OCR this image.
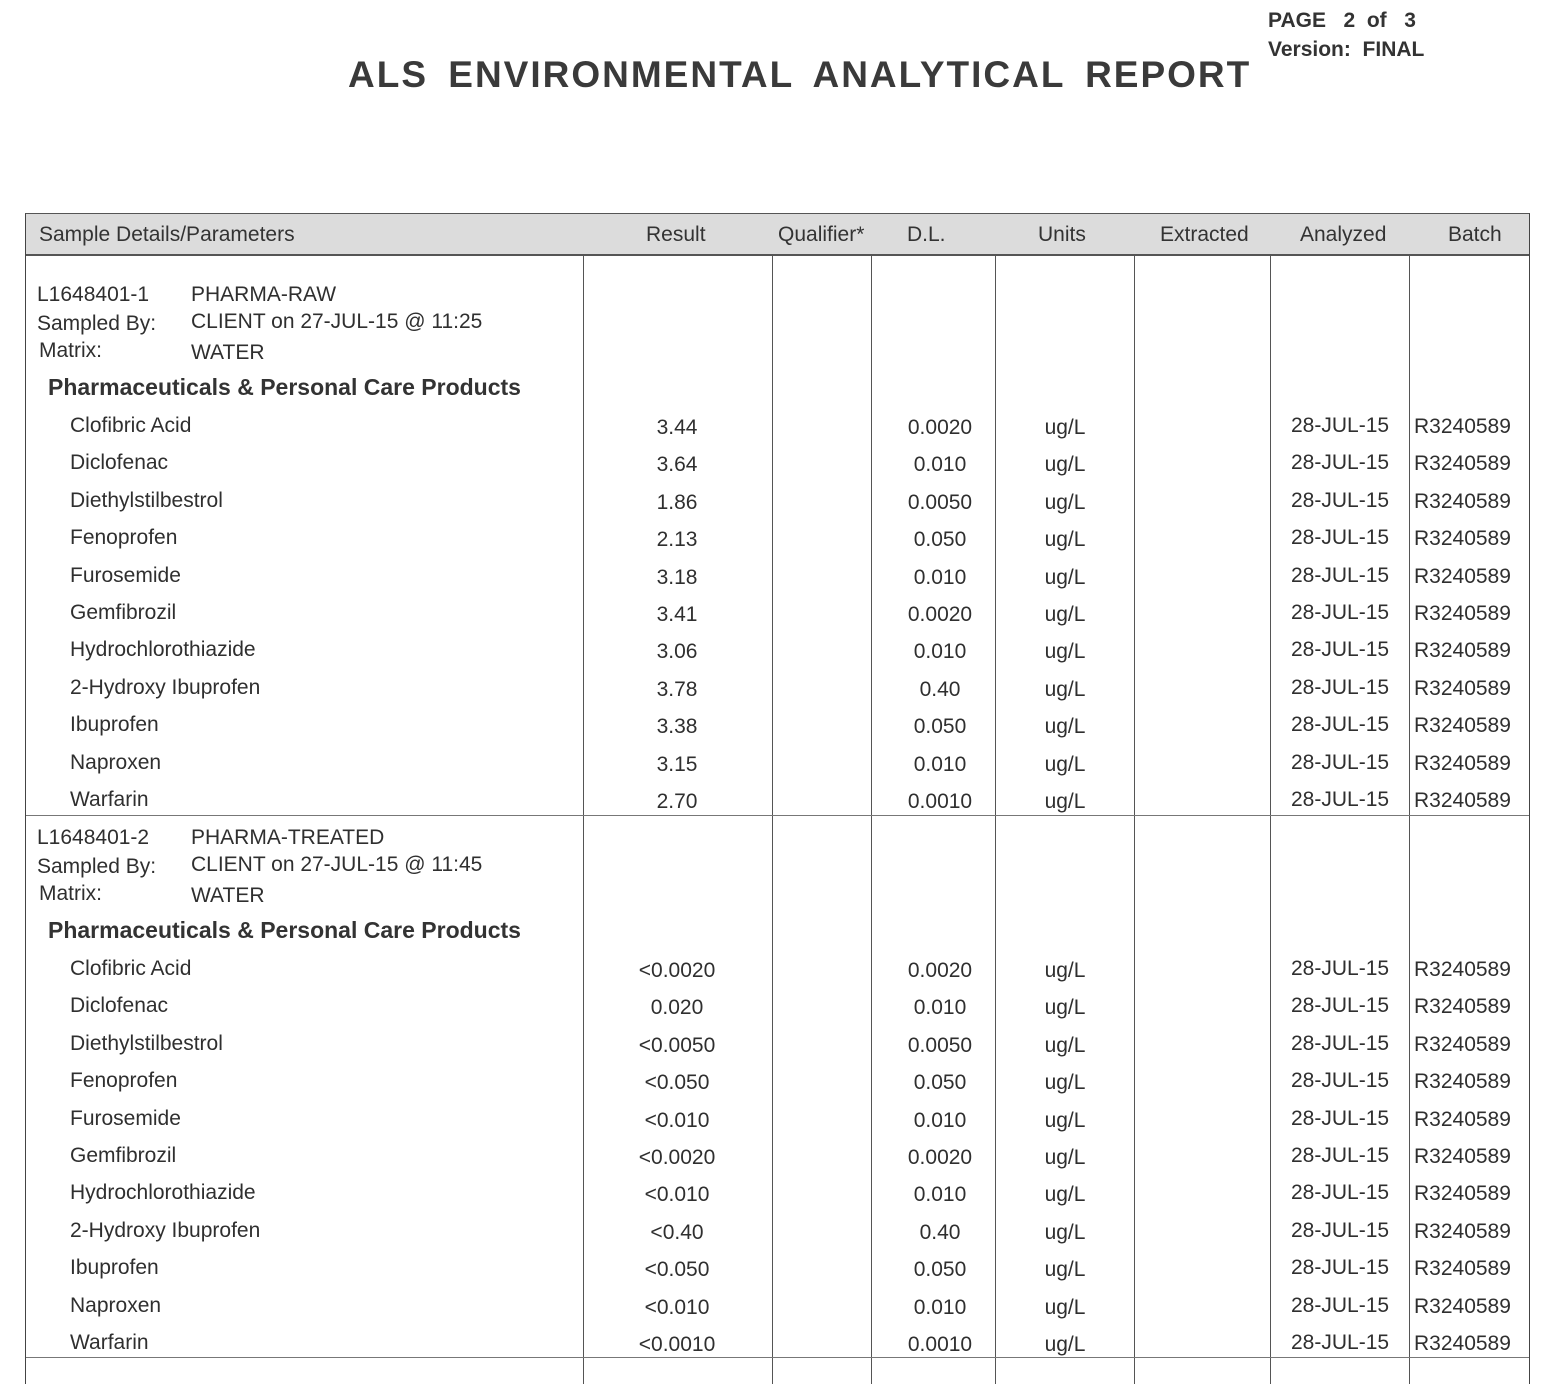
PAGE 2 of 3
Version: FINAL
ALS ENVIRONMENTAL ANALYTICAL REPORT
Sample Details/Parameters	Result	Qualifier* D.L.	Units	Extracted Analyzed	Batch
L1648401-1 PHARMA-RAW
Sampled By: CLIENT on 27-JUL-15 @ 11:25
Matrix:	WATER
Pharmaceuticals & Personal Care Products
Clofibric Acid	3.44	0.0020	ug/L	28-JUL-15 R3240589
Diclofenac	3.64	0.010	ug/L	28-JUL-15 R3240589
Diethylstilbestrol	1.86	0.0050	ug/L	28-JUL-15 R3240589
Fenoprofen	2.13	0.050	ug/L	28-JUL-15 R3240589
Furosemide	3.18	0.010	ug/L	28-JUL-15 R3240589
Gemfibrozil	3.41	0.0020	ug/L	28-JUL-15 R3240589
Hydrochlorothiazide	3.06	0.010	ug/L	28-JUL-15 R3240589
2-Hydroxy Ibuprofen	3.78	0.40	ug/L	28-JUL-15 R3240589
Ibuprofen	3.38	0.050	ug/L	28-JUL-15 R3240589
Naproxen	3.15	0.010	ug/L	28-JUL-15 R3240589
Warfarin	2.70	0.0010	ug/L	28-JUL-15 R3240589
L1648401-2 PHARMA-TREATED
Sampled By: CLIENT on 27-JUL-15 @ 11:45
Matrix:	WATER
Pharmaceuticals & Personal Care Products
Clofibric Acid	<0.0020	0.0020	ug/L	28-JUL-15 R3240589
Diclofenac	0.020	0.010	ug/L	28-JUL-15 R3240589
Diethylstilbestrol	<0.0050	0.0050	ug/L	28-JUL-15 R3240589
Fenoprofen	<0.050	0.050	ug/L	28-JUL-15 R3240589
Furosemide	<0.010	0.010	ug/L	28-JUL-15 R3240589
Gemfibrozil	<0.0020	0.0020	ug/L	28-JUL-15 R3240589
Hydrochlorothiazide	<0.010	0.010	ug/L	28-JUL-15 R3240589
2-Hydroxy Ibuprofen	<0.40	0.40	ug/L	28-JUL-15 R3240589
Ibuprofen	<0.050	0.050	ug/L	28-JUL-15 R3240589
Naproxen	<0.010	0.010	ug/L	28-JUL-15 R3240589
Warfarin	<0.0010	0.0010	ug/L	28-JUL-15 R3240589
